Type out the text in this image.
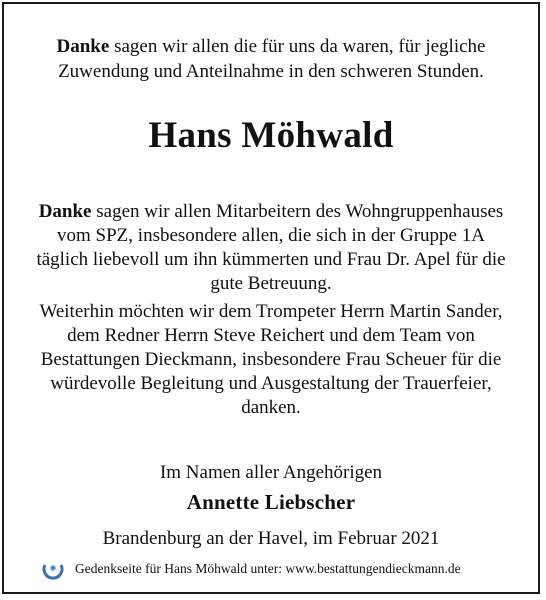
Danke sagen wir allen die für uns da waren, für jegliche Zuwendung und Anteilnahme in den schweren Stunden.
Hans Möhwald

Danke sagen wir allen Mitarbeitern des Wohngruppenhauses vom SPZ, insbesondere allen, die sich in der Gruppe 1A täglich liebevoll um ihn kümmerten und Frau Dr. Apel für die gute Betreuung.

Weiterhin möchten wir dem Trompeter Herrn Martin Sander, dem Redner Herrn Steve Reichert und dem Team von Bestattungen Dieckmann, insbesondere Frau Scheuer für die würdevolle Begleitung und Ausgestaltung der Trauerfeier, danken.

Im Namen aller Angehörigen
Annette Liebscher
Brandenburg an der Havel, im Februar 2021
Gedenkseite für Hans Möhwald unter: www.bestattungendieckmann.de
